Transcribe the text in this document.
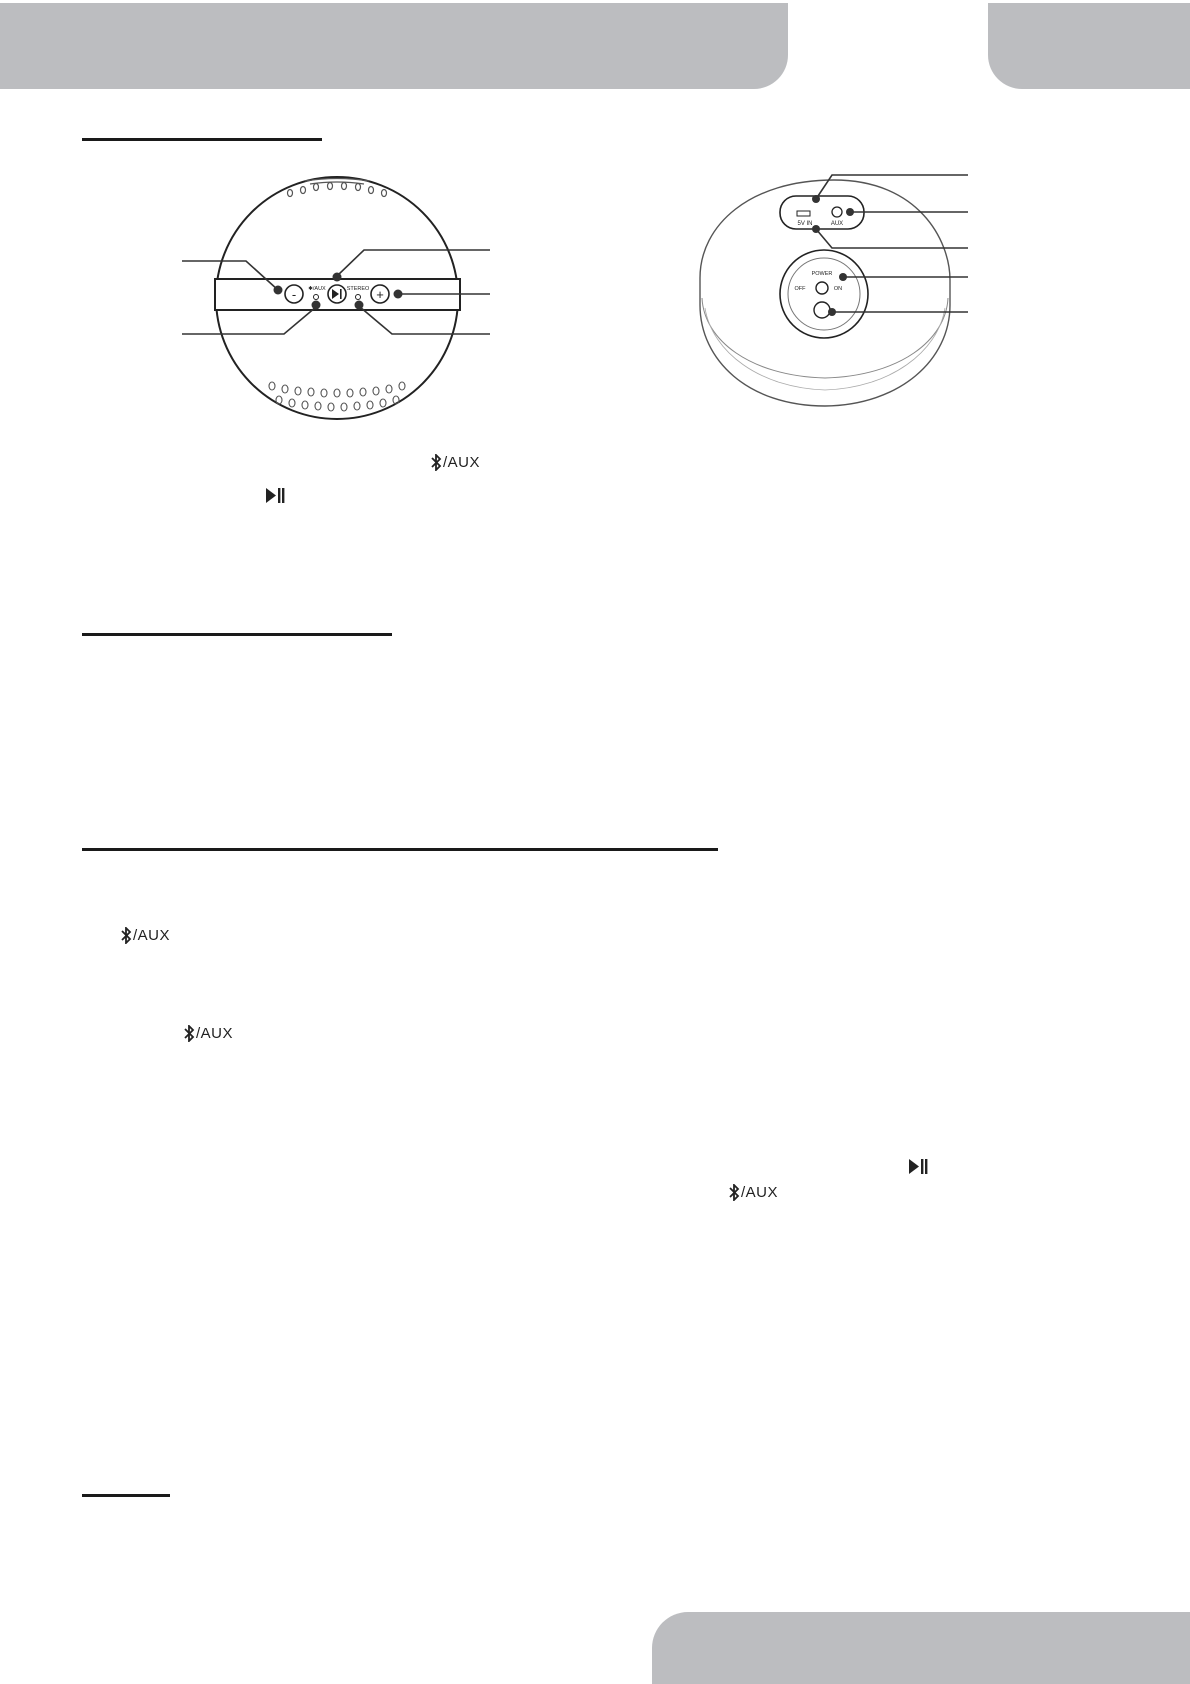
-	+
✱/AUX	STEREO
5V IN	AUX
POWER
OFF	ON
/AUX
/AUX
/AUX
/AUX
